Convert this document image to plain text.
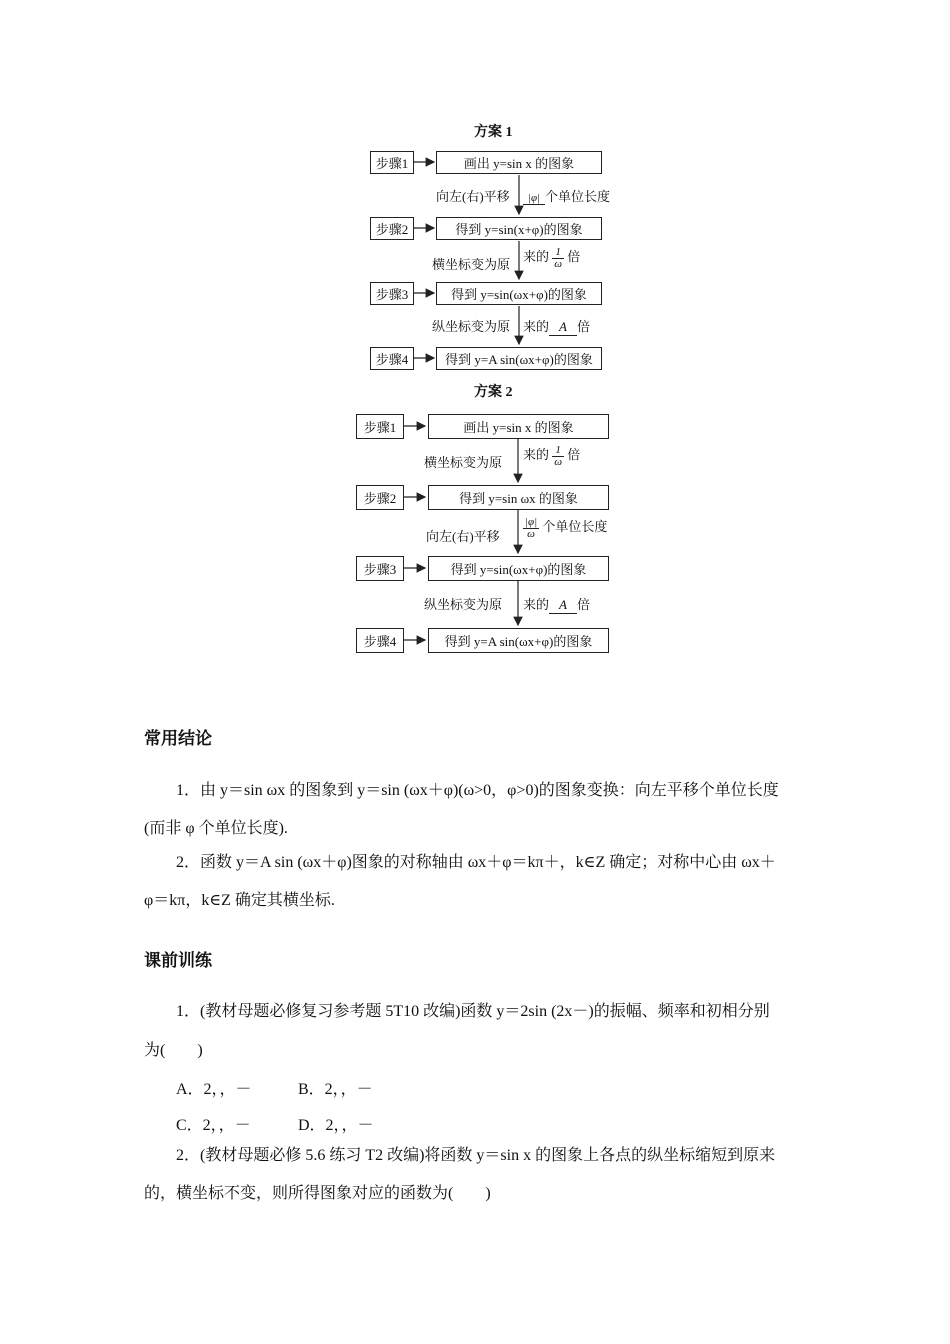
方案 1
步骤1
步骤2
步骤3
步骤4
画出 y=sin x 的图象
得到 y=sin(x+φ)的图象
得到 y=sin(ωx+φ)的图象
得到 y=A sin(ωx+φ)的图象
向左(右)平移	|φ| 个单位长度
横坐标变为原
来的 $\frac{1}{\omega}$ 倍
纵坐标变为原 来的 A 倍
方案 2
步骤1
步骤2
步骤3
步骤4
画出 y=sin x 的图象
得到 y=sin ωx 的图象
得到 y=sin(ωx+φ)的图象
得到 y=A sin(ωx+φ)的图象
横坐标变为原
来的 $\frac{1}{\omega}$ 倍
向左(右)平移 $\frac{|\varphi|}{\omega}$ 个单位长度
纵坐标变为原 来的 A 倍
常用结论
1．由 y＝sin ωx 的图象到 y＝sin (ωx＋φ)(ω>0，φ>0)的图象变换：向左平移个单位长度
(而非 φ 个单位长度).
2．函数 y＝A sin (ωx＋φ)图象的对称轴由 ωx＋φ＝kπ＋，k∈Z 确定；对称中心由 ωx＋
φ＝kπ，k∈Z 确定其横坐标.
课前训练
1．(教材母题必修复习参考题 5T10 改编)函数 y＝2sin (2x－)的振幅、频率和初相分别
为(　　)
A．2，，－	B．2，，－
C．2，，－	D．2，，－
2．(教材母题必修 5.6 练习 T2 改编)将函数 y＝sin x 的图象上各点的纵坐标缩短到原来
的，横坐标不变，则所得图象对应的函数为(　　)
